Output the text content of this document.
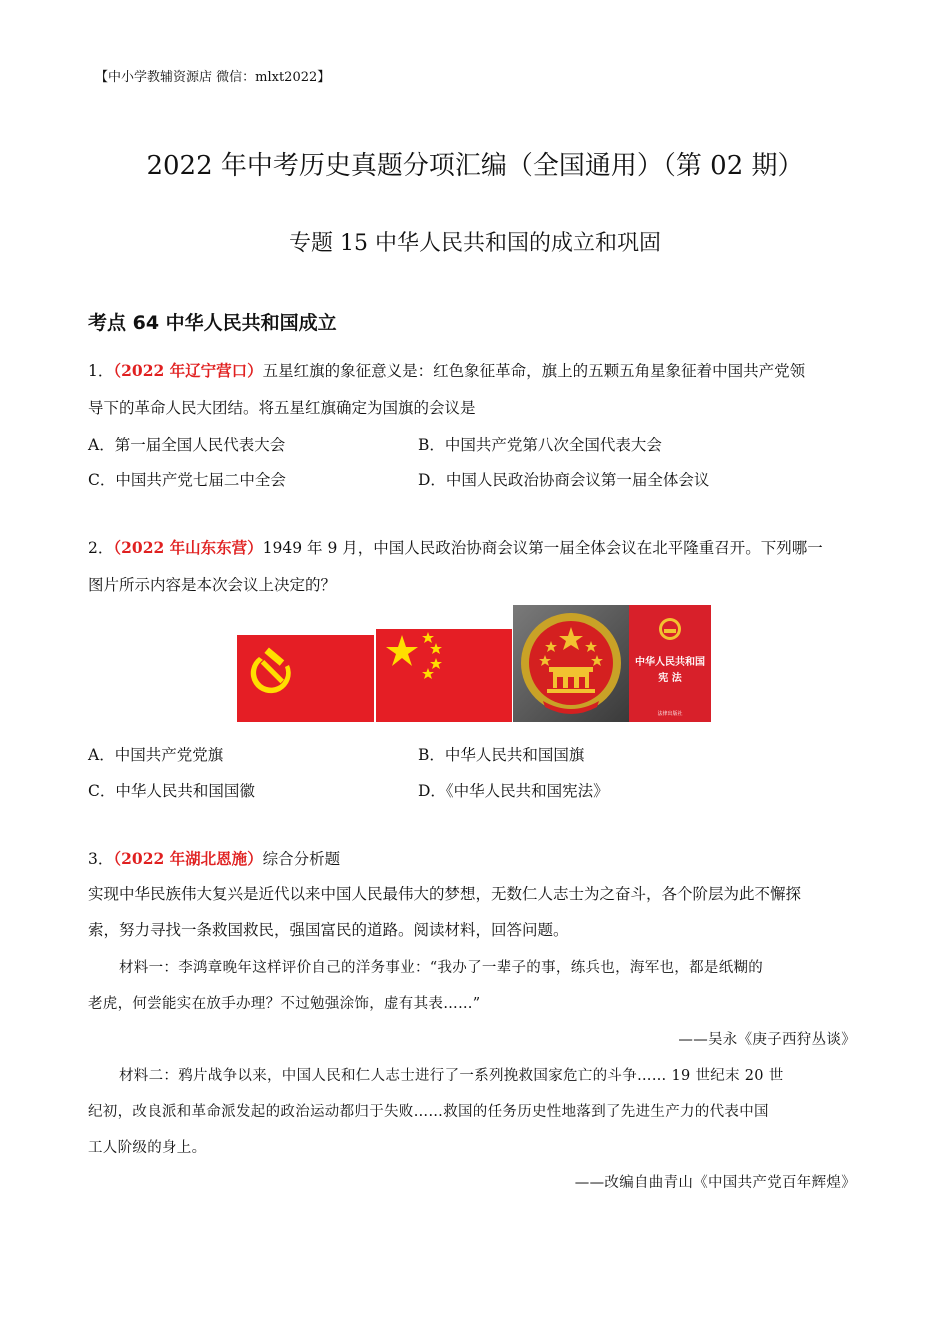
【中小学教辅资源店 微信：mlxt2022】
2022 年中考历史真题分项汇编（全国通用）（第 02 期）
专题 15 中华人民共和国的成立和巩固
考点 64 中华人民共和国成立
1．（2022 年辽宁营口）五星红旗的象征意义是：红色象征革命，旗上的五颗五角星象征着中国共产党领
导下的革命人民大团结。将五星红旗确定为国旗的会议是
A．第一届全国人民代表大会	B．中国共产党第八次全国代表大会
C．中国共产党七届二中全会	D．中国人民政治协商会议第一届全体会议
2．（2022 年山东东营）1949 年 9 月，中国人民政治协商会议第一届全体会议在北平隆重召开。下列哪一
图片所示内容是本次会议上决定的？
中华人民共和国
宪 法
法律出版社
A．中国共产党党旗	B．中华人民共和国国旗
C．中华人民共和国国徽	D．《中华人民共和国宪法》
3．（2022 年湖北恩施）综合分析题
实现中华民族伟大复兴是近代以来中国人民最伟大的梦想，无数仁人志士为之奋斗，各个阶层为此不懈探
索，努力寻找一条救国救民，强国富民的道路。阅读材料，回答问题。
材料一：李鸿章晚年这样评价自己的洋务事业：“我办了一辈子的事，练兵也，海军也，都是纸糊的
老虎，何尝能实在放手办理？不过勉强涂饰，虚有其表……”
——吴永《庚子西狩丛谈》
材料二：鸦片战争以来，中国人民和仁人志士进行了一系列挽救国家危亡的斗争…… 19 世纪末 20 世
纪初，改良派和革命派发起的政治运动都归于失败……救国的任务历史性地落到了先进生产力的代表中国
工人阶级的身上。
——改编自曲青山《中国共产党百年辉煌》
